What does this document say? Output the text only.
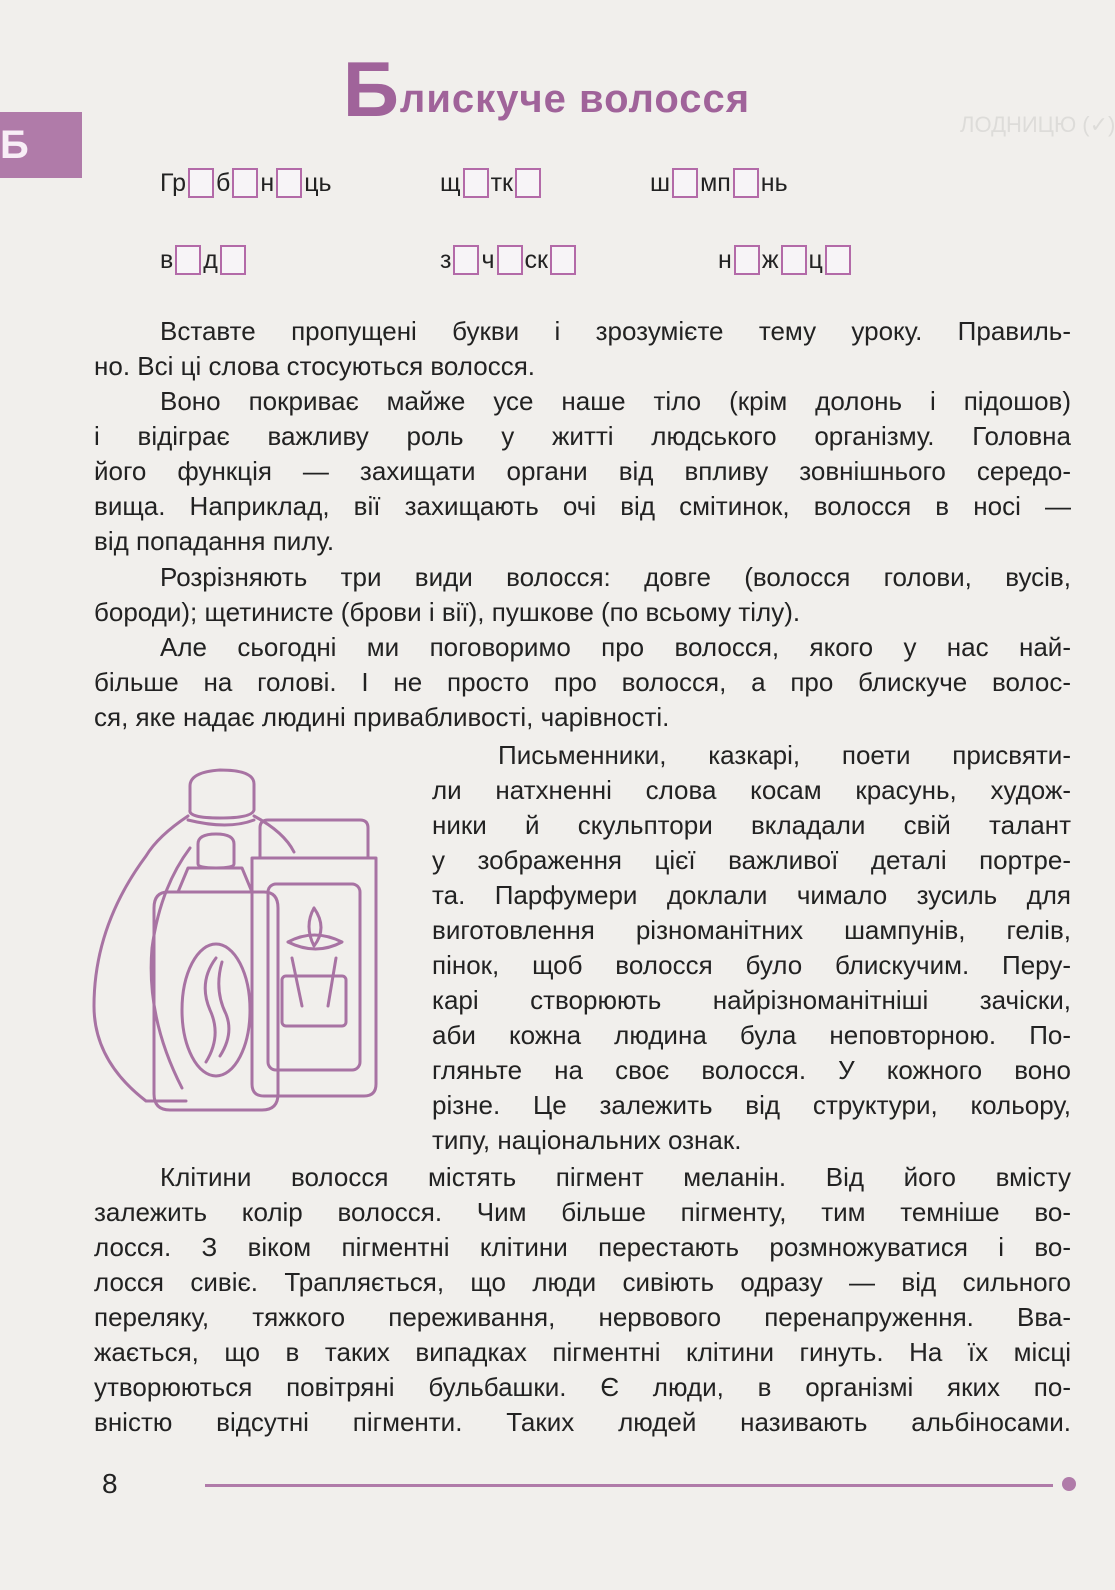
ЛОДНИЦЮ (✓)
Б
Блискуче волосся
Гр б н ць	щ тк	ш мп нь
в д	з ч ск	н ж ц
Вставте пропущені букви і зрозумієте тему уроку. Правиль-
но. Всі ці слова стосуються волосся.
Воно покриває майже усе наше тіло (крім долонь і підошов)
і відіграє важливу роль у житті людського організму. Головна
його функція — захищати органи від впливу зовнішнього середо-
вища. Наприклад, вії захищають очі від смітинок, волосся в носі —
від попадання пилу.
Розрізняють три види волосся: довге (волосся голови, вусів,
бороди); щетинисте (брови і вії), пушкове (по всьому тілу).
Але сьогодні ми поговоримо про волосся, якого у нас най-
більше на голові. І не просто про волосся, а про блискуче волос-
ся, яке надає людині привабливості, чарівності.
Письменники, казкарі, поети присвяти-
ли натхненні слова косам красунь, худож-
ники й скульптори вкладали свій талант
у зображення цієї важливої деталі портре-
та. Парфумери доклали чимало зусиль для
виготовлення різноманітних шампунів, гелів,
пінок, щоб волосся було блискучим. Перу-
карі створюють найрізноманітніші зачіски,
аби кожна людина була неповторною. По-
гляньте на своє волосся. У кожного воно
різне. Це залежить від структури, кольору,
типу, національних ознак.
Клітини волосся містять пігмент меланін. Від його вмісту
залежить колір волосся. Чим більше пігменту, тим темніше во-
лосся. З віком пігментні клітини перестають розмножуватися і во-
лосся сивіє. Трапляється, що люди сивіють одразу — від сильного
переляку, тяжкого переживання, нервового перенапруження. Вва-
жається, що в таких випадках пігментні клітини гинуть. На їх місці
утворюються повітряні бульбашки. Є люди, в організмі яких по-
вністю відсутні пігменти. Таких людей називають альбіносами.
8
